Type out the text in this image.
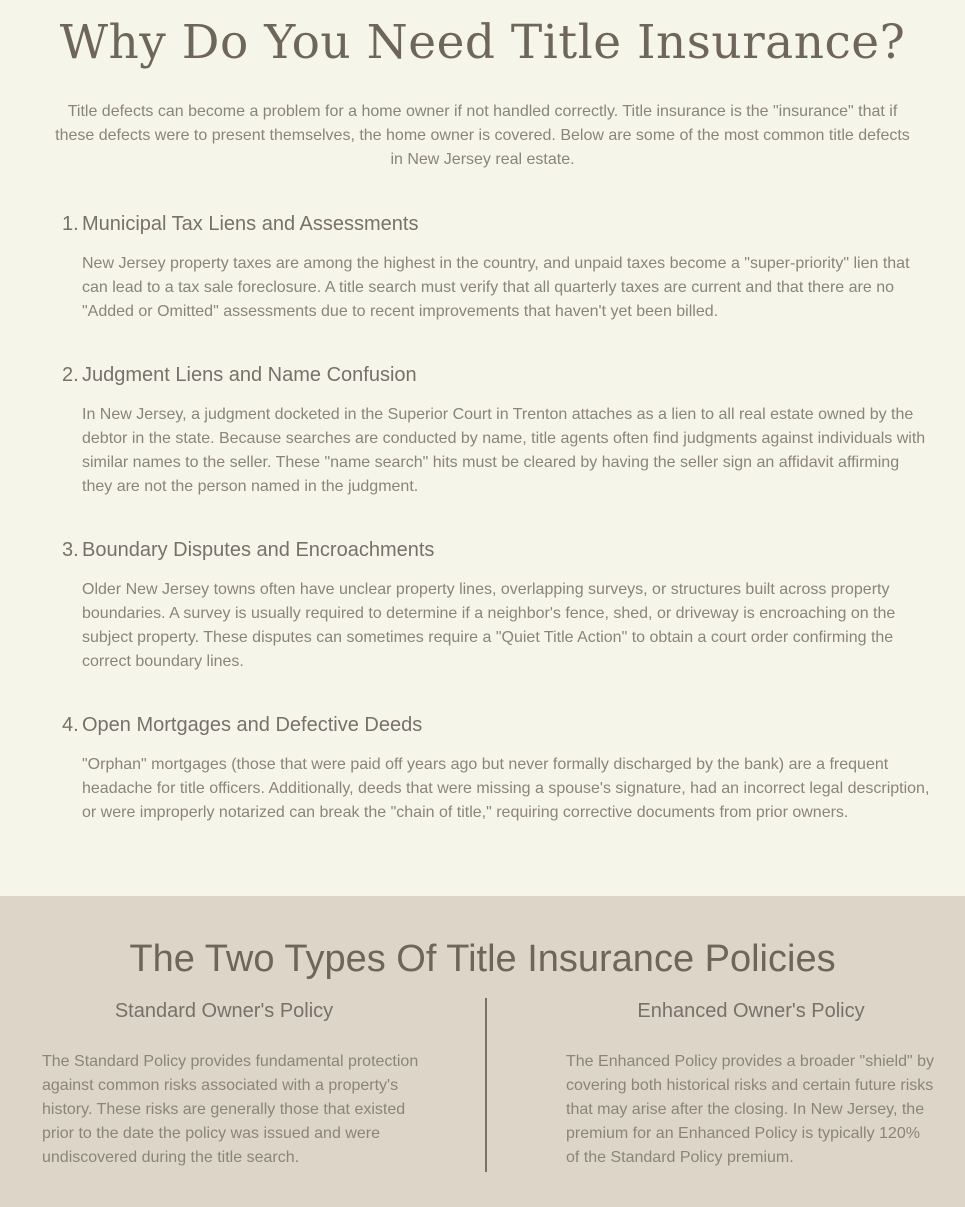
Why Do You Need Title Insurance?

Title defects can become a problem for a home owner if not handled correctly. Title insurance is the "insurance" that if these defects were to present themselves, the home owner is covered. Below are some of the most common title defects in New Jersey real estate.

1. Municipal Tax Liens and Assessments

New Jersey property taxes are among the highest in the country, and unpaid taxes become a "super-priority" lien that can lead to a tax sale foreclosure. A title search must verify that all quarterly taxes are current and that there are no "Added or Omitted" assessments due to recent improvements that haven't yet been billed.

2. Judgment Liens and Name Confusion

In New Jersey, a judgment docketed in the Superior Court in Trenton attaches as a lien to all real estate owned by the debtor in the state. Because searches are conducted by name, title agents often find judgments against individuals with similar names to the seller. These "name search" hits must be cleared by having the seller sign an affidavit affirming they are not the person named in the judgment.

3. Boundary Disputes and Encroachments

Older New Jersey towns often have unclear property lines, overlapping surveys, or structures built across property boundaries. A survey is usually required to determine if a neighbor's fence, shed, or driveway is encroaching on the subject property. These disputes can sometimes require a "Quiet Title Action" to obtain a court order confirming the correct boundary lines.

4. Open Mortgages and Defective Deeds

"Orphan" mortgages (those that were paid off years ago but never formally discharged by the bank) are a frequent headache for title officers. Additionally, deeds that were missing a spouse's signature, had an incorrect legal description, or were improperly notarized can break the "chain of title," requiring corrective documents from prior owners.

The Two Types Of Title Insurance Policies
Standard Owner's Policy

The Standard Policy provides fundamental protection against common risks associated with a property's history. These risks are generally those that existed prior to the date the policy was issued and were undiscovered during the title search.

Enhanced Owner's Policy

The Enhanced Policy provides a broader "shield" by covering both historical risks and certain future risks that may arise after the closing. In New Jersey, the premium for an Enhanced Policy is typically 120% of the Standard Policy premium.
